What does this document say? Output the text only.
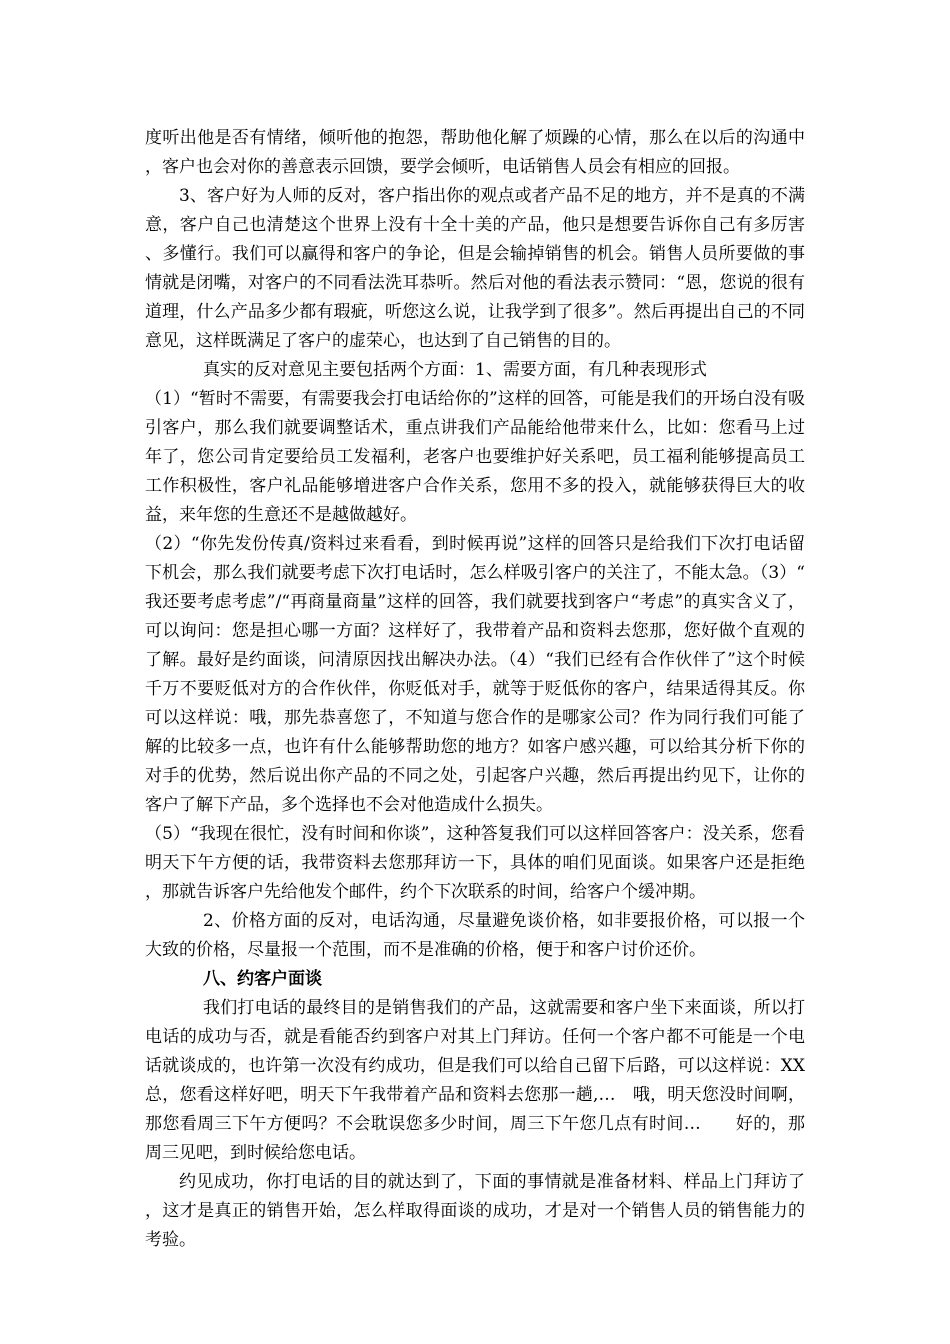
度听出他是否有情绪，倾听他的抱怨，帮助他化解了烦躁的心情，那么在以后的沟通中，客户也会对你的善意表示回馈，要学会倾听，电话销售人员会有相应的回报。

3、客户好为人师的反对，客户指出你的观点或者产品不足的地方，并不是真的不满意，客户自己也清楚这个世界上没有十全十美的产品，他只是想要告诉你自己有多厉害、多懂行。我们可以赢得和客户的争论，但是会输掉销售的机会。销售人员所要做的事情就是闭嘴，对客户的不同看法洗耳恭听。然后对他的看法表示赞同：“恩，您说的很有道理，什么产品多少都有瑕疵，听您这么说，让我学到了很多”。然后再提出自己的不同意见，这样既满足了客户的虚荣心，也达到了自己销售的目的。

真实的反对意见主要包括两个方面：1、需要方面，有几种表现形式

（1）“暂时不需要，有需要我会打电话给你的”这样的回答，可能是我们的开场白没有吸引客户，那么我们就要调整话术，重点讲我们产品能给他带来什么，比如：您看马上过年了，您公司肯定要给员工发福利，老客户也要维护好关系吧，员工福利能够提高员工工作积极性，客户礼品能够增进客户合作关系，您用不多的投入，就能够获得巨大的收益，来年您的生意还不是越做越好。

（2）“你先发份传真/资料过来看看，到时候再说”这样的回答只是给我们下次打电话留下机会，那么我们就要考虑下次打电话时，怎么样吸引客户的关注了，不能太急。（3）“我还要考虑考虑”/“再商量商量”这样的回答，我们就要找到客户“考虑”的真实含义了，可以询问：您是担心哪一方面？这样好了，我带着产品和资料去您那，您好做个直观的了解。最好是约面谈，问清原因找出解决办法。（4）“我们已经有合作伙伴了”这个时候千万不要贬低对方的合作伙伴，你贬低对手，就等于贬低你的客户，结果适得其反。你可以这样说：哦，那先恭喜您了，不知道与您合作的是哪家公司？作为同行我们可能了解的比较多一点，也许有什么能够帮助您的地方？如客户感兴趣，可以给其分析下你的对手的优势，然后说出你产品的不同之处，引起客户兴趣，然后再提出约见下，让你的客户了解下产品，多个选择也不会对他造成什么损失。

（5）“我现在很忙，没有时间和你谈”，这种答复我们可以这样回答客户：没关系，您看明天下午方便的话，我带资料去您那拜访一下，具体的咱们见面谈。如果客户还是拒绝，那就告诉客户先给他发个邮件，约个下次联系的时间，给客户个缓冲期。

2、价格方面的反对，电话沟通，尽量避免谈价格，如非要报价格，可以报一个大致的价格，尽量报一个范围，而不是准确的价格，便于和客户讨价还价。

八、约客户面谈

我们打电话的最终目的是销售我们的产品，这就需要和客户坐下来面谈，所以打电话的成功与否，就是看能否约到客户对其上门拜访。任何一个客户都不可能是一个电话就谈成的，也许第一次没有约成功，但是我们可以给自己留下后路，可以这样说：XX总，您看这样好吧，明天下午我带着产品和资料去您那一趟,…　哦，明天您没时间啊，那您看周三下午方便吗？不会耽误您多少时间，周三下午您几点有时间…　　好的，那周三见吧，到时候给您电话。

约见成功，你打电话的目的就达到了，下面的事情就是准备材料、样品上门拜访了，这才是真正的销售开始，怎么样取得面谈的成功，才是对一个销售人员的销售能力的考验。
